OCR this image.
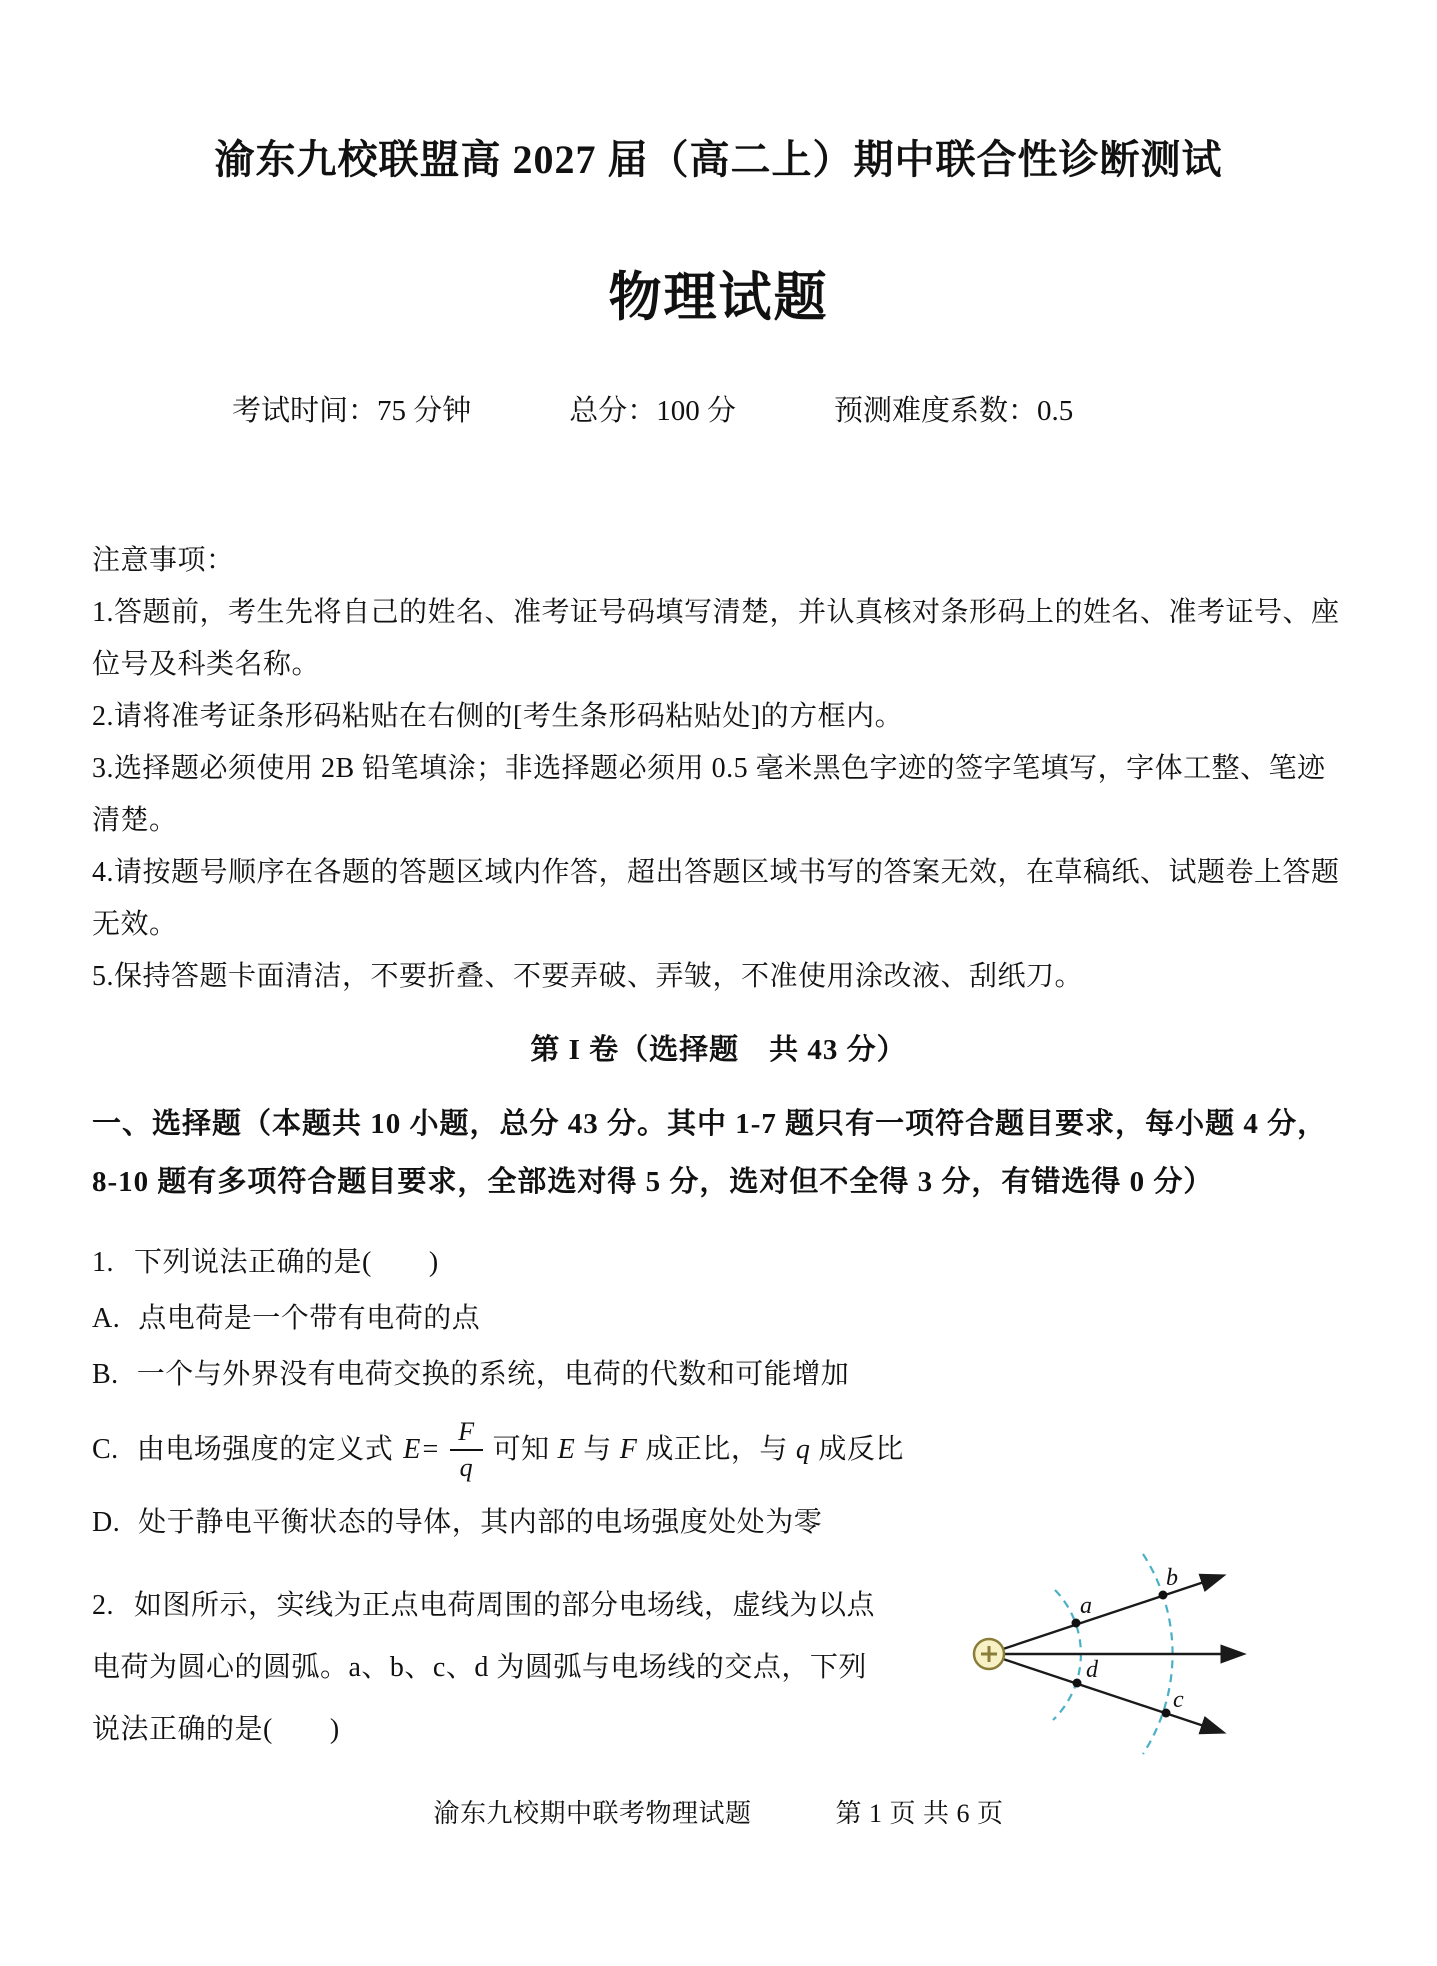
渝东九校联盟高 2027 届（高二上）期中联合性诊断测试
物理试题
考试时间：75 分钟	总分：100 分	预测难度系数：0.5

注意事项：

1.答题前，考生先将自己的姓名、准考证号码填写清楚，并认真核对条形码上的姓名、准考证号、座位号及科类名称。

2.请将准考证条形码粘贴在右侧的[考生条形码粘贴处]的方框内。

3.选择题必须使用 2B 铅笔填涂；非选择题必须用 0.5 毫米黑色字迹的签字笔填写，字体工整、笔迹清楚。

4.请按题号顺序在各题的答题区域内作答，超出答题区域书写的答案无效，在草稿纸、试题卷上答题无效。

5.保持答题卡面清洁，不要折叠、不要弄破、弄皱，不准使用涂改液、刮纸刀。

第 I 卷（选择题　共 43 分）
一、选择题（本题共 10 小题，总分 43 分。其中 1-7 题只有一项符合题目要求，每小题 4 分，8-10 题有多项符合题目要求，全部选对得 5 分，选对但不全得 3 分，有错选得 0 分）

1. 下列说法正确的是(　　)

A. 点电荷是一个带有电荷的点

B. 一个与外界没有电荷交换的系统，电荷的代数和可能增加

C. 由电场强度的定义式 $E= \frac{F}{q}$ 可知 E 与 F 成正比，与 q 成反比

D. 处于静电平衡状态的导体，其内部的电场强度处处为零

2. 如图所示，实线为正点电荷周围的部分电场线，虚线为以点

电荷为圆心的圆弧。a、b、c、d 为圆弧与电场线的交点，下列

说法正确的是(　　)

a
b
d
c
渝东九校期中联考物理试题	第 1 页 共 6 页
